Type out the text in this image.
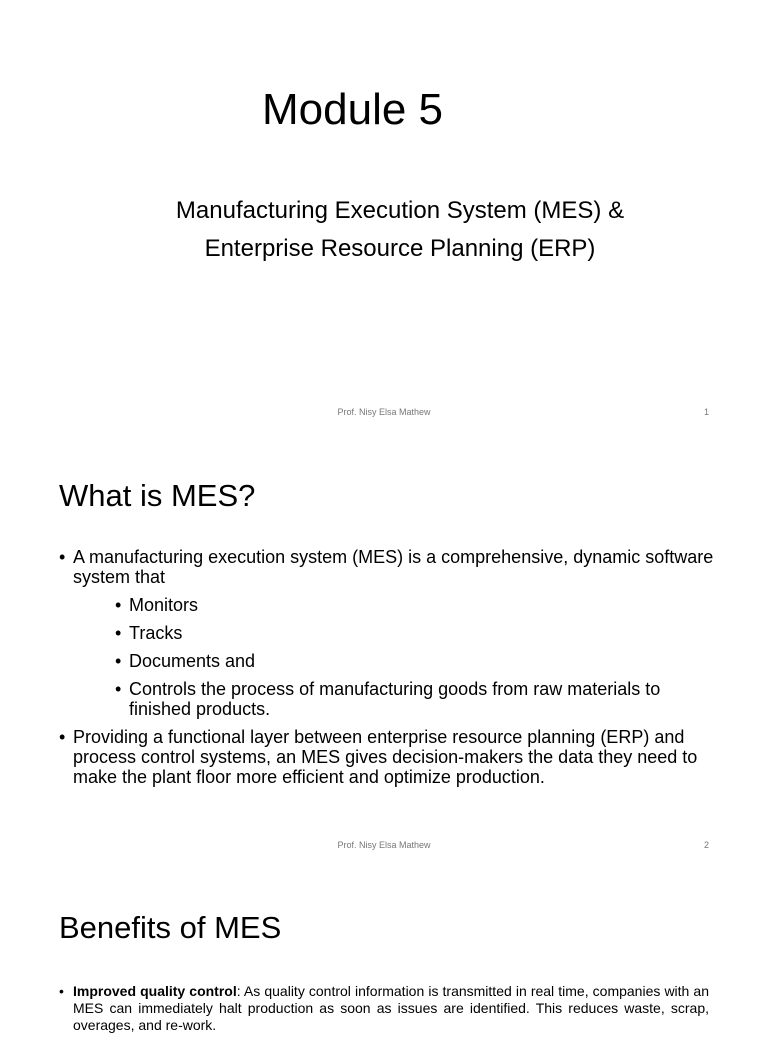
Module 5
Manufacturing Execution System (MES) &
Enterprise Resource Planning (ERP)
Prof. Nisy Elsa Mathew	1
What is MES?
• A manufacturing execution system (MES) is a comprehensive, dynamic software system that
• Monitors
• Tracks
• Documents and
• Controls the process of manufacturing goods from raw materials to finished products.
• Providing a functional layer between enterprise resource planning (ERP) and process control systems, an MES gives decision-makers the data they need to make the plant floor more efficient and optimize production.
Prof. Nisy Elsa Mathew	2
Benefits of MES
• Improved quality control: As quality control information is transmitted in real time, companies with an MES can immediately halt production as soon as issues are identified. This reduces waste, scrap, overages, and re-work.
